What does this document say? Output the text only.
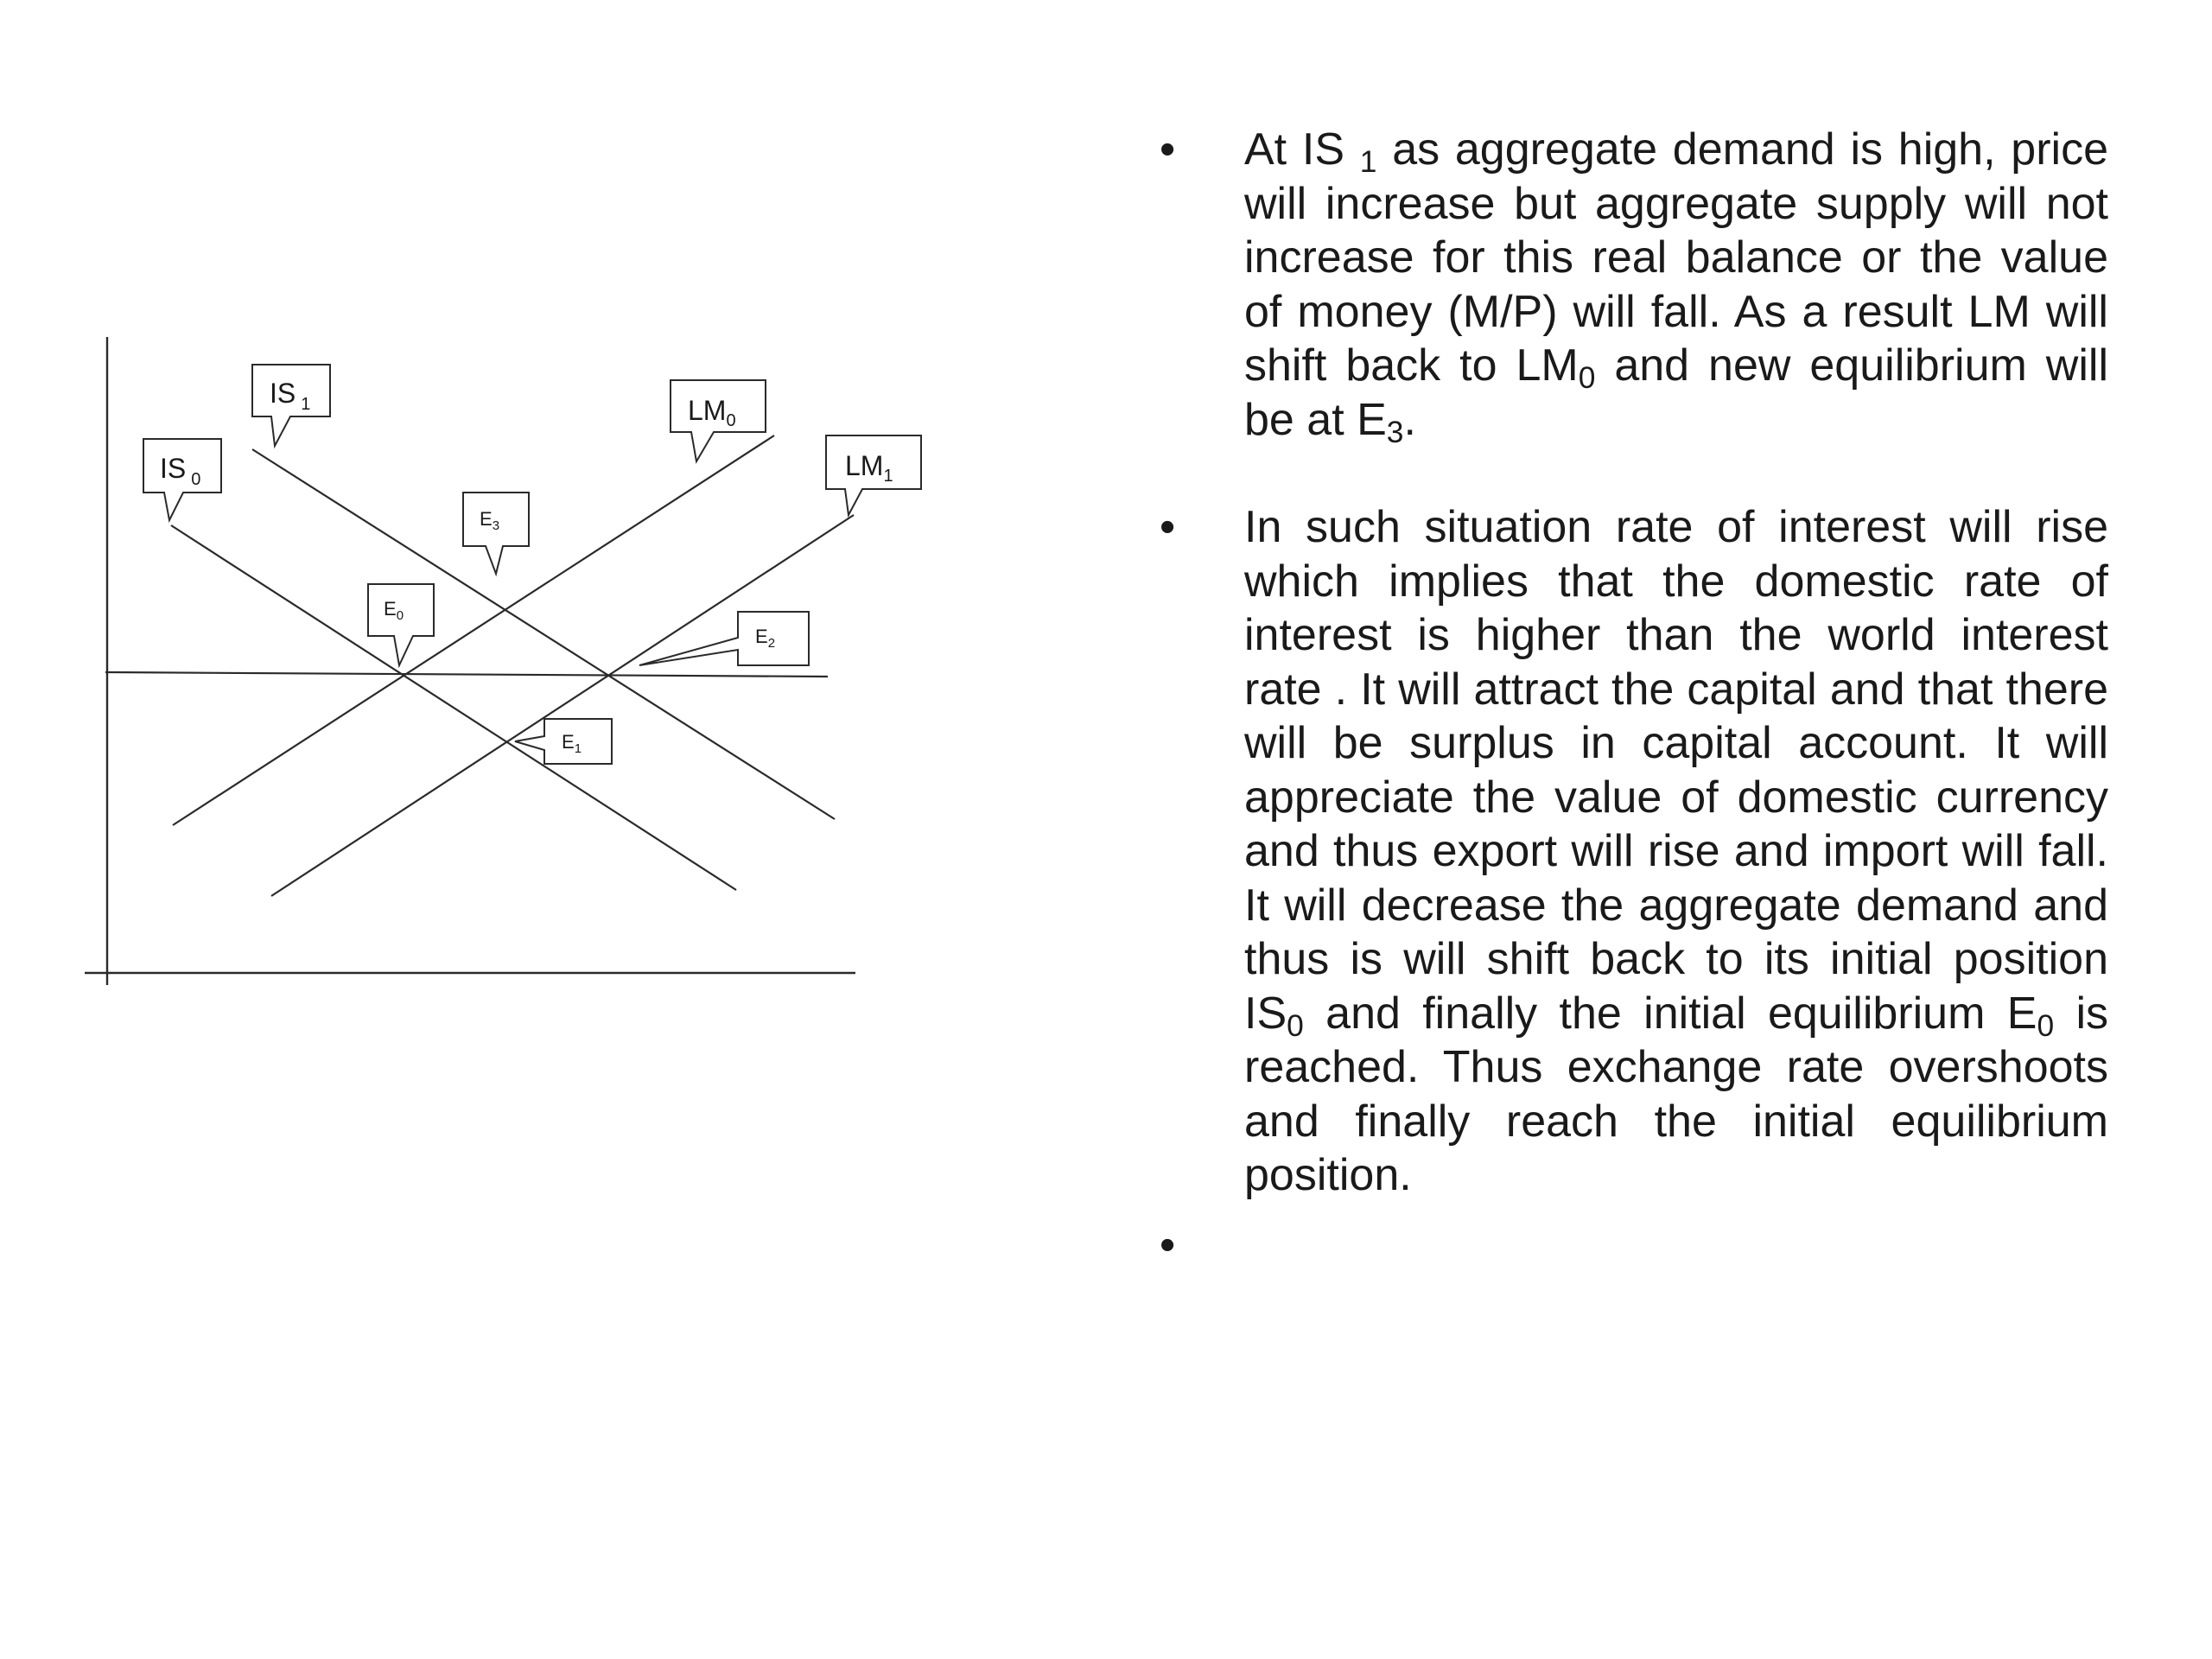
IS $_0$
IS $_1$	$LM_0$
$LM_1$
$E_3$
$E_0$
$E_2$
$E_1$
• At IS $_1$ as aggregate demand is high, price will increase but aggregate supply will not increase for this real balance or the value of money (M/P) will fall. As a result LM will shift back to $LM_0$ and new equilibrium will be at $E_3$.
• In such situation rate of interest will rise which implies that the domestic rate of interest is higher than the world interest rate . It will attract the capital and that there will be surplus in capital account. It will appreciate the value of domestic currency and thus export will rise and import will fall. It will decrease the aggregate demand and thus is will shift back to its initial position $IS_0$ and finally the initial equilibrium $E_0$ is reached. Thus exchange rate overshoots and finally reach the initial equilibrium position.
•
